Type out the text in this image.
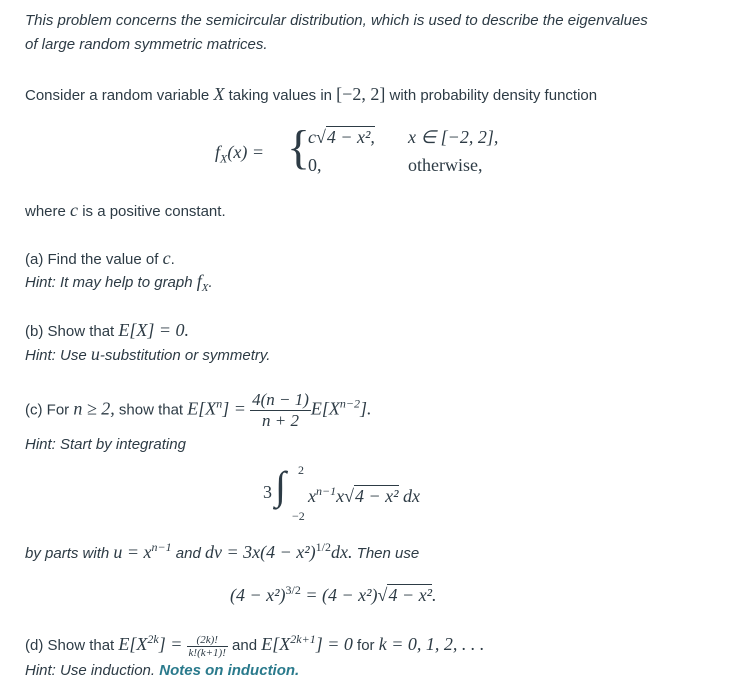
This problem concerns the semicircular distribution, which is used to describe the eigenvalues
of large random symmetric matrices.
Consider a random variable X taking values in [−2, 2] with probability density function
$f_X(x)$ = {
c√4 − x², x ∈ [−2, 2],
0,	otherwise,
where c is a positive constant.
(a) Find the value of c.
Hint: It may help to graph $f_X$.
(b) Show that E[X] = 0.
Hint: Use u-substitution or symmetry.
(c) For n ≥ 2, show that $E[X^n] = \frac{4(n - 1)}{n + 2} E[X^{n-2}]$.
Hint: Start by integrating
3 ∫ 2
−2
$x^{n-1}x√4 - x^2$ dx
by parts with $u = x^{n-1}$ and dv = $3x(4 - x^2)^{1/2}dx$. Then use
$(4 - x^2)^{3/2} = (4 - x^2)√4 - x^2$.
(d) Show that $E[X^{2k}] = \frac{(2k)!}{k!(k+1)!}$ and $E[X^{2k+1}] = 0$ for k = 0, 1, 2, . . .
Hint: Use induction. Notes on induction.
